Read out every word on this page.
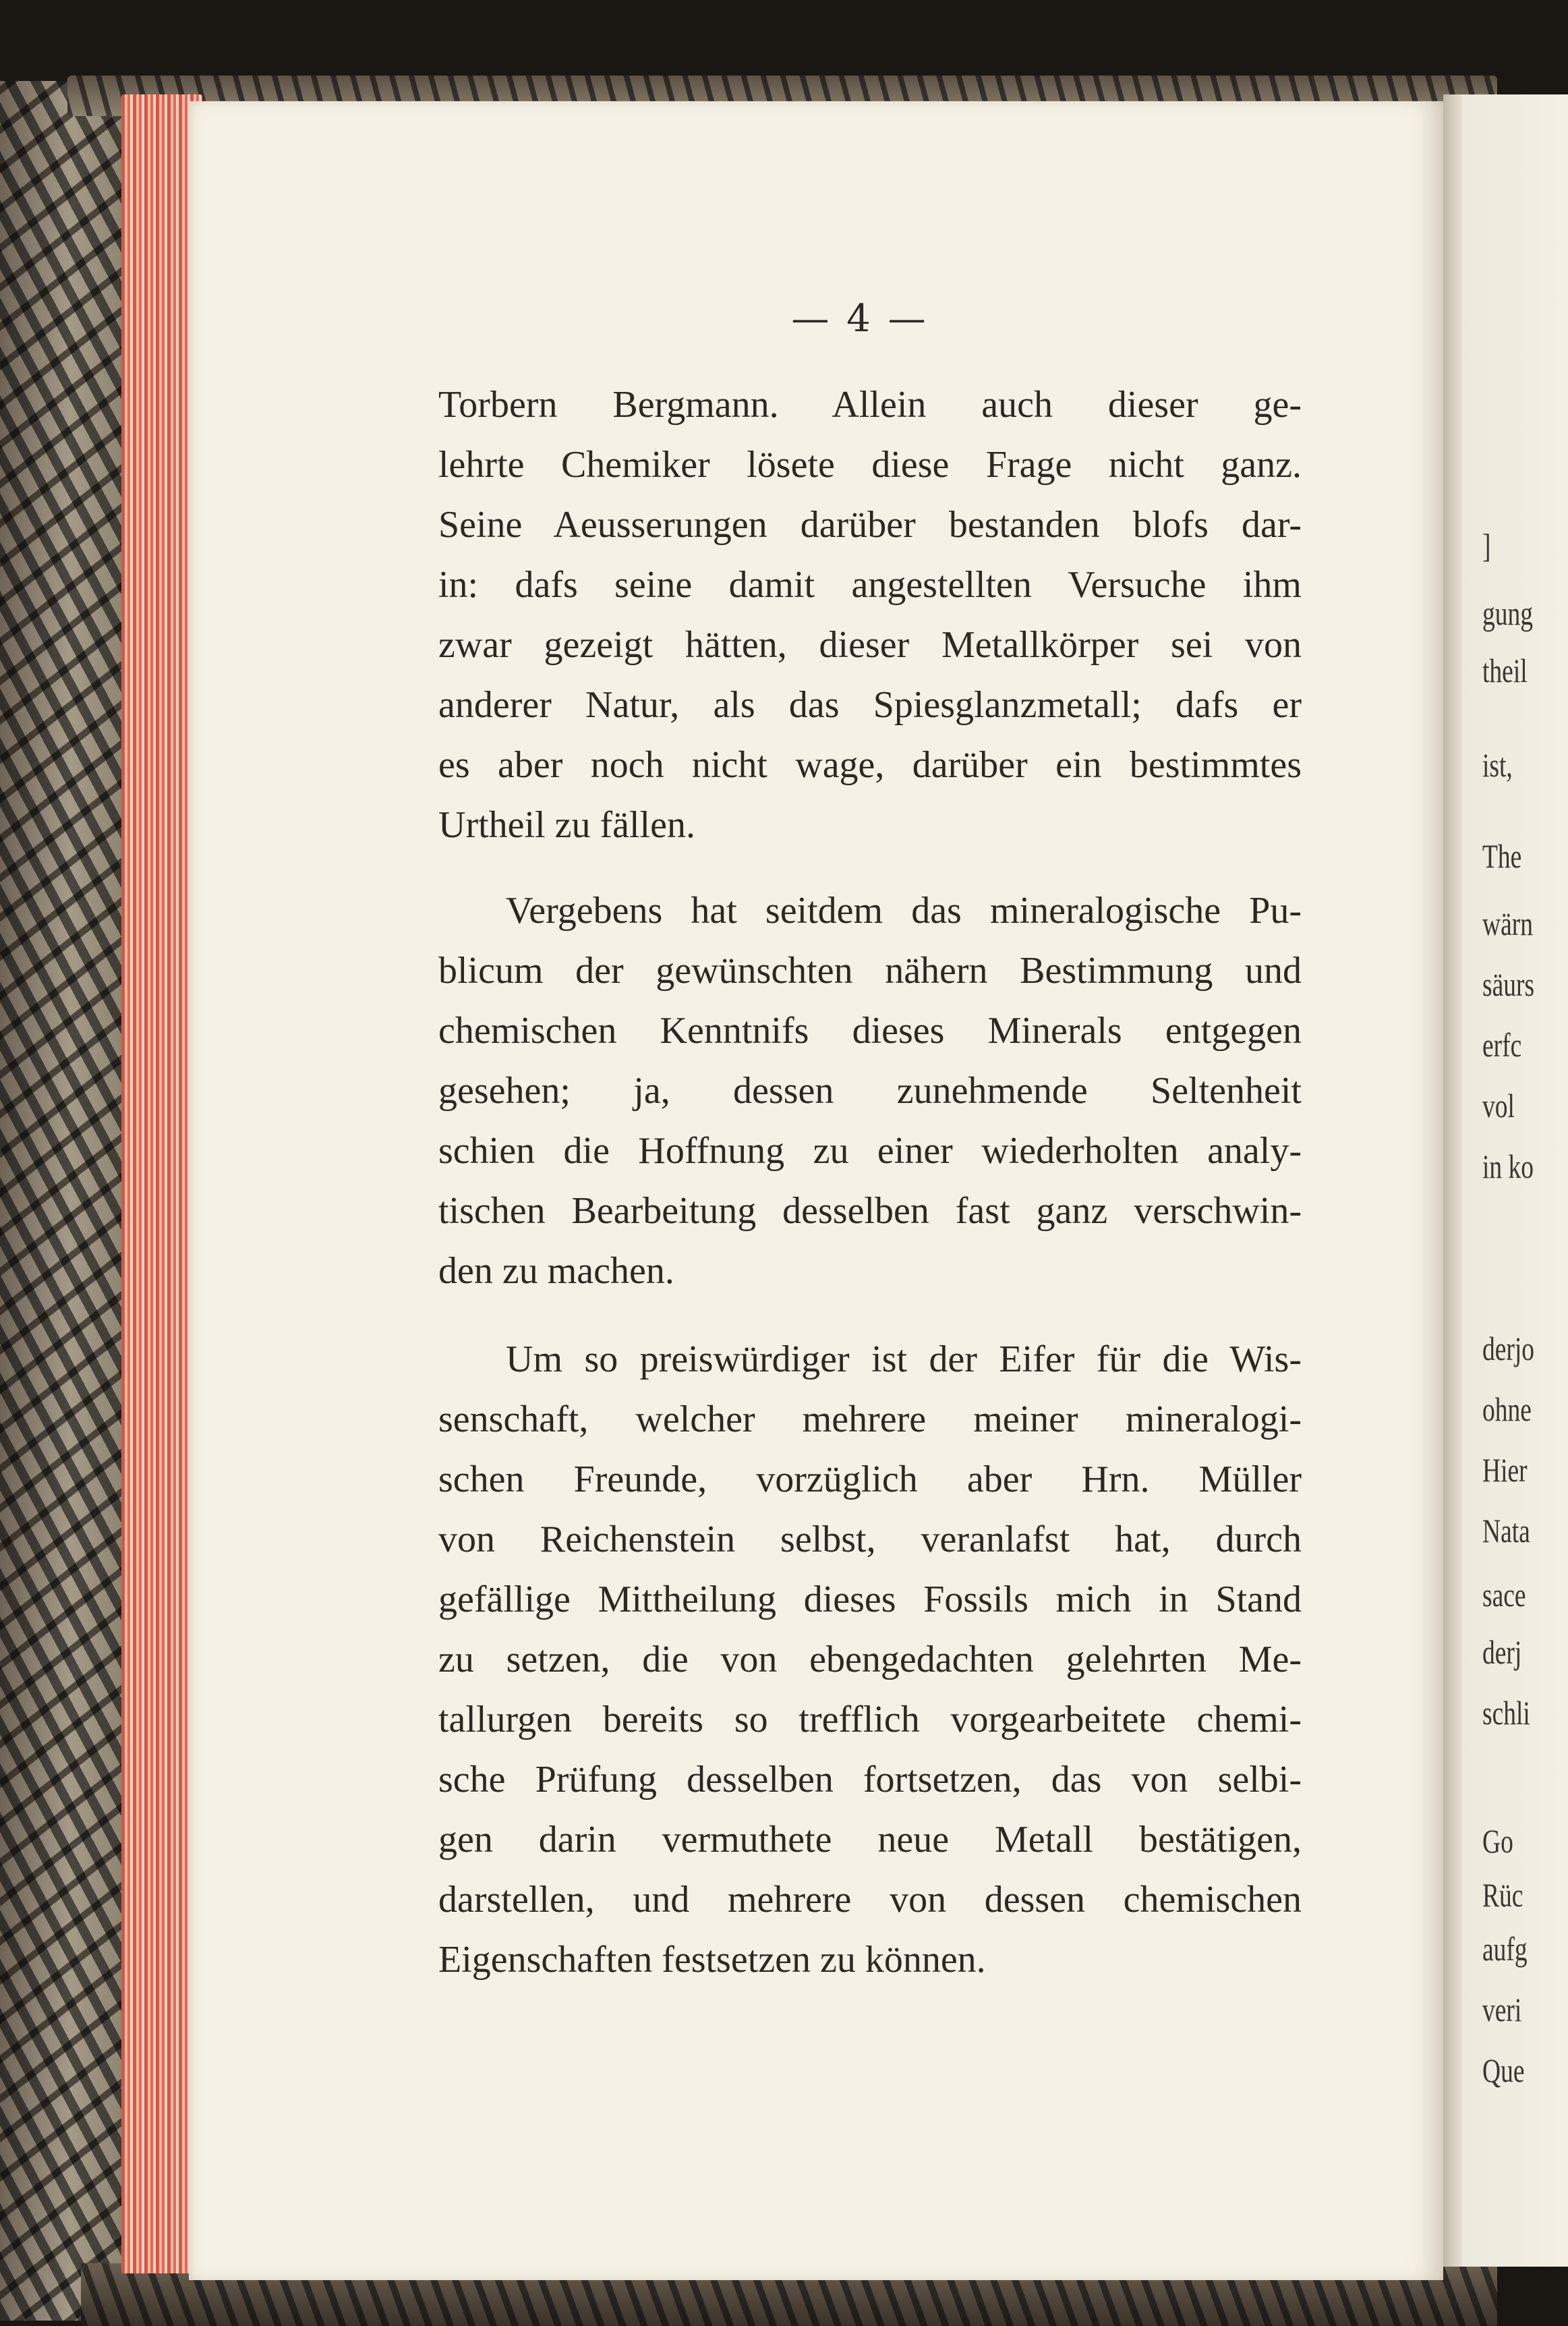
]
gung
theil
ist,
The
wärn
säurs
erfc
vol
in ko
derjo
ohne
Hier
Nata
sace
derj
schli
Go
Rüc
aufg
veri
Que
— 4 —
Torbern Bergmann. Allein auch dieser ge-
lehrte Chemiker lösete diese Frage nicht ganz.
Seine Aeusserungen darüber bestanden blofs dar-
in: dafs seine damit angestellten Versuche ihm
zwar gezeigt hätten, dieser Metallkörper sei von
anderer Natur, als das Spiesglanzmetall; dafs er
es aber noch nicht wage, darüber ein bestimmtes
Urtheil zu fällen.
Vergebens hat seitdem das mineralogische Pu-
blicum der gewünschten nähern Bestimmung und
chemischen Kenntnifs dieses Minerals entgegen
gesehen; ja, dessen zunehmende Seltenheit
schien die Hoffnung zu einer wiederholten analy-
tischen Bearbeitung desselben fast ganz verschwin-
den zu machen.
Um so preiswürdiger ist der Eifer für die Wis-
senschaft, welcher mehrere meiner mineralogi-
schen Freunde, vorzüglich aber Hrn. Müller
von Reichenstein selbst, veranlafst hat, durch
gefällige Mittheilung dieses Fossils mich in Stand
zu setzen, die von ebengedachten gelehrten Me-
tallurgen bereits so trefflich vorgearbeitete chemi-
sche Prüfung desselben fortsetzen, das von selbi-
gen darin vermuthete neue Metall bestätigen,
darstellen, und mehrere von dessen chemischen
Eigenschaften festsetzen zu können.
